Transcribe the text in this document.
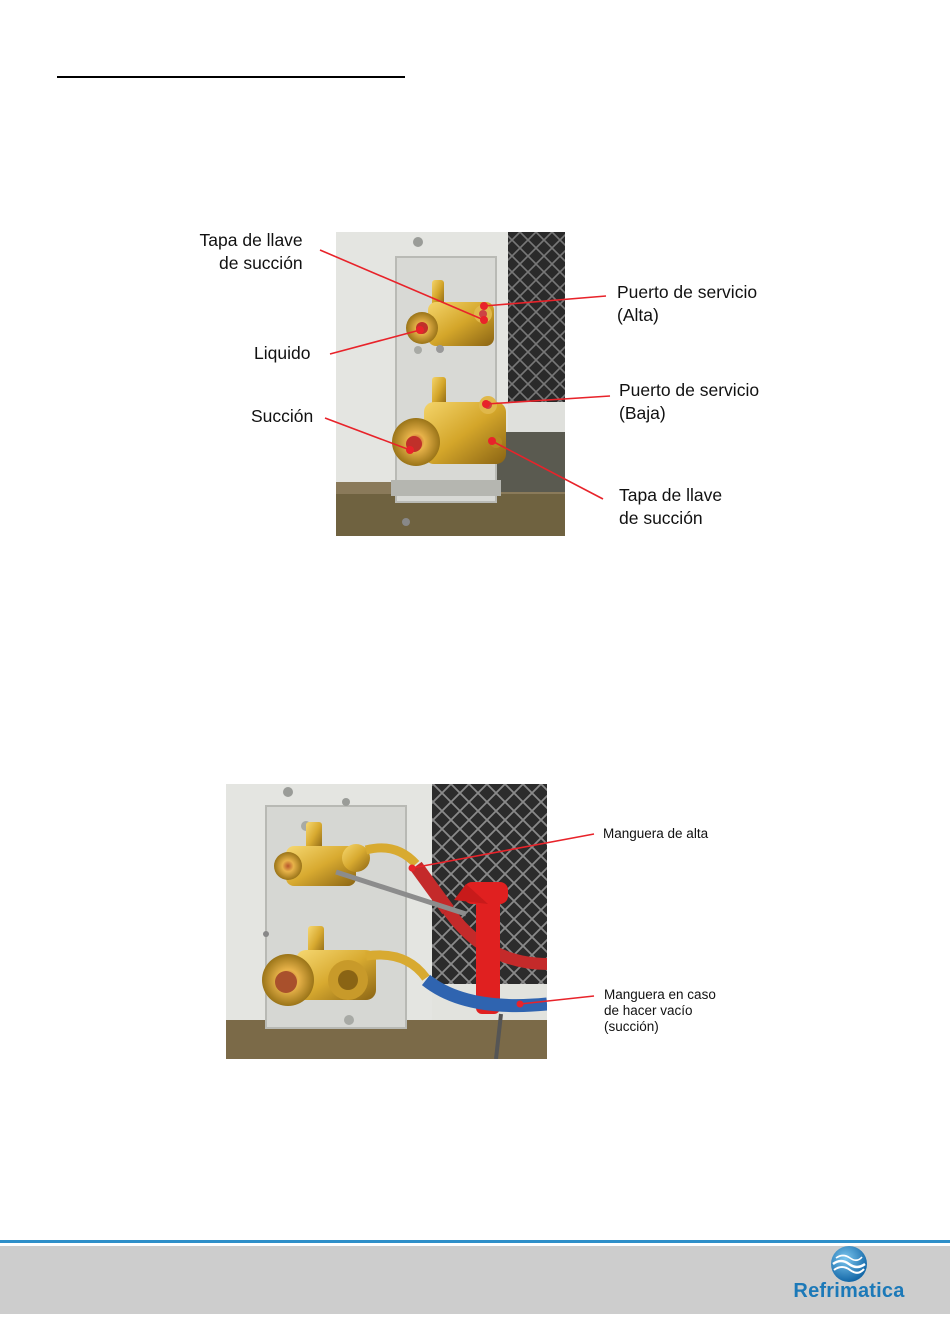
Tapa de llave
de succión
Liquido
Succión
Puerto de servicio
(Alta)
Puerto de servicio
(Baja)
Tapa de llave
de succión
Manguera de alta
Manguera en caso
de hacer vacío
(succión)
Refrimatica
